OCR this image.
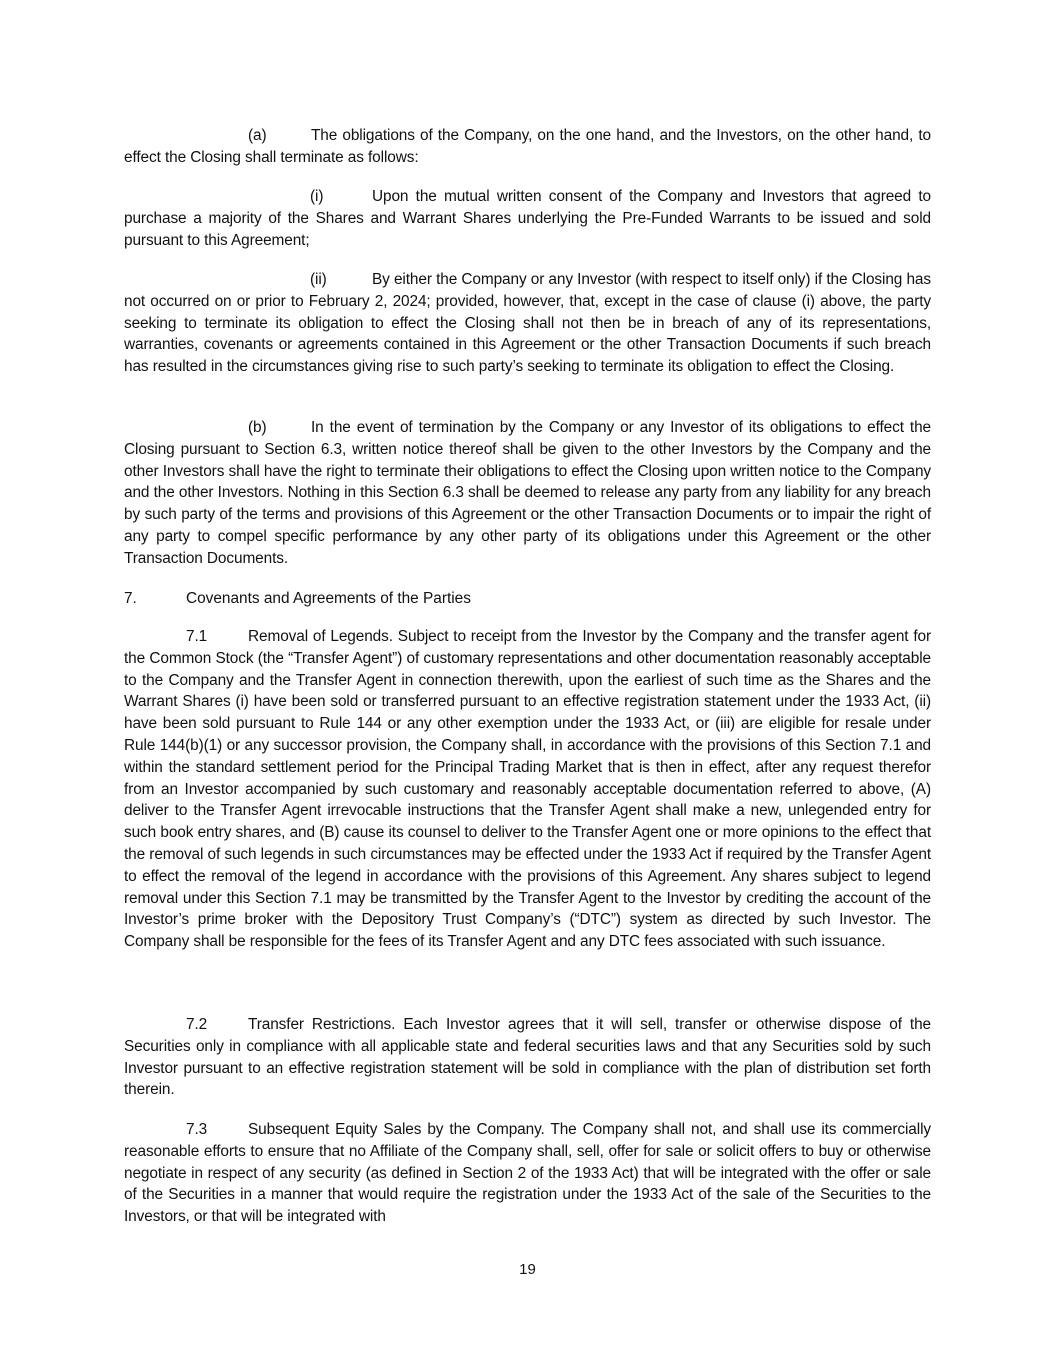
(a)	The obligations of the Company, on the one hand, and the Investors, on the other hand, to effect the Closing shall terminate as follows:

(i)	Upon the mutual written consent of the Company and Investors that agreed to purchase a majority of the Shares and Warrant Shares underlying the Pre-Funded Warrants to be issued and sold pursuant to this Agreement;

(ii)	By either the Company or any Investor (with respect to itself only) if the Closing has not occurred on or prior to February 2, 2024; provided, however, that, except in the case of clause (i) above, the party seeking to terminate its obligation to effect the Closing shall not then be in breach of any of its representations, warranties, covenants or agreements contained in this Agreement or the other Transaction Documents if such breach has resulted in the circumstances giving rise to such party’s seeking to terminate its obligation to effect the Closing.

(b)	In the event of termination by the Company or any Investor of its obligations to effect the Closing pursuant to Section 6.3, written notice thereof shall be given to the other Investors by the Company and the other Investors shall have the right to terminate their obligations to effect the Closing upon written notice to the Company and the other Investors. Nothing in this Section 6.3 shall be deemed to release any party from any liability for any breach by such party of the terms and provisions of this Agreement or the other Transaction Documents or to impair the right of any party to compel specific performance by any other party of its obligations under this Agreement or the other Transaction Documents.

7.	Covenants and Agreements of the Parties

7.1	Removal of Legends. Subject to receipt from the Investor by the Company and the transfer agent for the Common Stock (the “Transfer Agent”) of customary representations and other documentation reasonably acceptable to the Company and the Transfer Agent in connection therewith, upon the earliest of such time as the Shares and the Warrant Shares (i) have been sold or transferred pursuant to an effective registration statement under the 1933 Act, (ii) have been sold pursuant to Rule 144 or any other exemption under the 1933 Act, or (iii) are eligible for resale under Rule 144(b)(1) or any successor provision, the Company shall, in accordance with the provisions of this Section 7.1 and within the standard settlement period for the Principal Trading Market that is then in effect, after any request therefor from an Investor accompanied by such customary and reasonably acceptable documentation referred to above, (A) deliver to the Transfer Agent irrevocable instructions that the Transfer Agent shall make a new, unlegended entry for such book entry shares, and (B) cause its counsel to deliver to the Transfer Agent one or more opinions to the effect that the removal of such legends in such circumstances may be effected under the 1933 Act if required by the Transfer Agent to effect the removal of the legend in accordance with the provisions of this Agreement. Any shares subject to legend removal under this Section 7.1 may be transmitted by the Transfer Agent to the Investor by crediting the account of the Investor’s prime broker with the Depository Trust Company’s (“DTC”) system as directed by such Investor. The Company shall be responsible for the fees of its Transfer Agent and any DTC fees associated with such issuance.

7.2	Transfer Restrictions. Each Investor agrees that it will sell, transfer or otherwise dispose of the Securities only in compliance with all applicable state and federal securities laws and that any Securities sold by such Investor pursuant to an effective registration statement will be sold in compliance with the plan of distribution set forth therein.

7.3	Subsequent Equity Sales by the Company. The Company shall not, and shall use its commercially reasonable efforts to ensure that no Affiliate of the Company shall, sell, offer for sale or solicit offers to buy or otherwise negotiate in respect of any security (as defined in Section 2 of the 1933 Act) that will be integrated with the offer or sale of the Securities in a manner that would require the registration under the 1933 Act of the sale of the Securities to the Investors, or that will be integrated with

19
